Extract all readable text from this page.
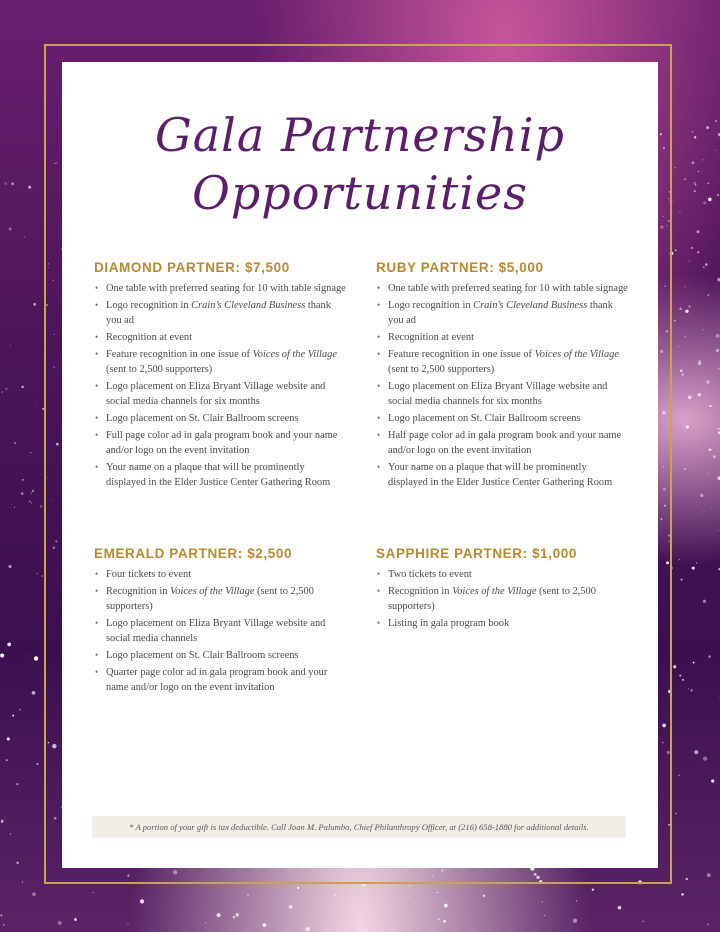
Gala Partnership
Opportunities
DIAMOND PARTNER: $7,500
• One table with preferred seating for 10 with table signage
• Logo recognition in Crain’s Cleveland Business thank you ad
• Recognition at event
• Feature recognition in one issue of Voices of the Village (sent to 2,500 supporters)
• Logo placement on Eliza Bryant Village website and social media channels for six months
• Logo placement on St. Clair Ballroom screens
• Full page color ad in gala program book and your name and/or logo on the event invitation
• Your name on a plaque that will be prominently displayed in the Elder Justice Center Gathering Room
RUBY PARTNER: $5,000
• One table with preferred seating for 10 with table signage
• Logo recognition in Crain’s Cleveland Business thank you ad
• Recognition at event
• Feature recognition in one issue of Voices of the Village (sent to 2,500 supporters)
• Logo placement on Eliza Bryant Village website and social media channels for six months
• Logo placement on St. Clair Ballroom screens
• Half page color ad in gala program book and your name and/or logo on the event invitation
• Your name on a plaque that will be prominently displayed in the Elder Justice Center Gathering Room
EMERALD PARTNER: $2,500
• Four tickets to event
• Recognition in Voices of the Village (sent to 2,500 supporters)
• Logo placement on Eliza Bryant Village website and social media channels
• Logo placement on St. Clair Ballroom screens
• Quarter page color ad in gala program book and your name and/or logo on the event invitation
SAPPHIRE PARTNER: $1,000
• Two tickets to event
• Recognition in Voices of the Village (sent to 2,500 supporters)
• Listing in gala program book
* A portion of your gift is tax deductible. Call Joan M. Palumbo, Chief Philanthropy Officer, at (216) 658-1880 for additional details.
